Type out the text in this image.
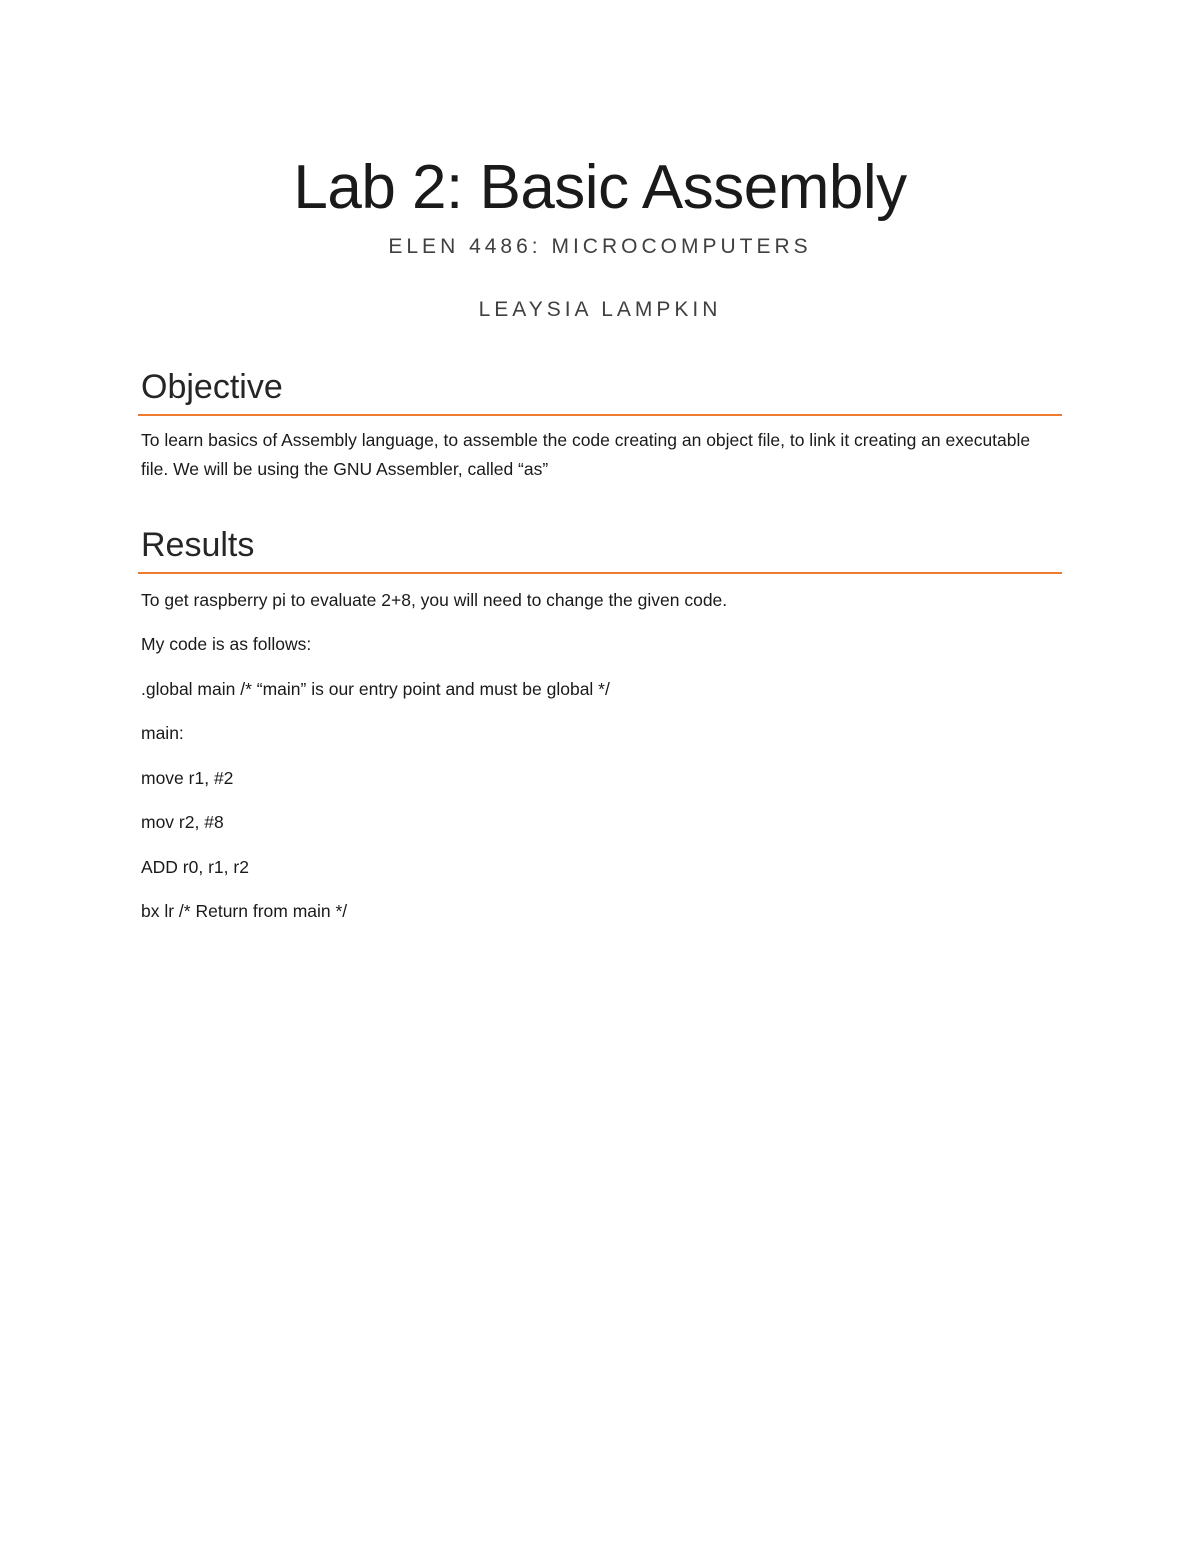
Lab 2: Basic Assembly
ELEN 4486: MICROCOMPUTERS
LEAYSIA LAMPKIN
Objective
To learn basics of Assembly language, to assemble the code creating an object file, to link it creating an executable file. We will be using the GNU Assembler, called “as”
Results
To get raspberry pi to evaluate 2+8, you will need to change the given code.
My code is as follows:
.global main /* “main” is our entry point and must be global */
main:
move r1, #2
mov r2, #8
ADD r0, r1, r2
bx lr /* Return from main */
